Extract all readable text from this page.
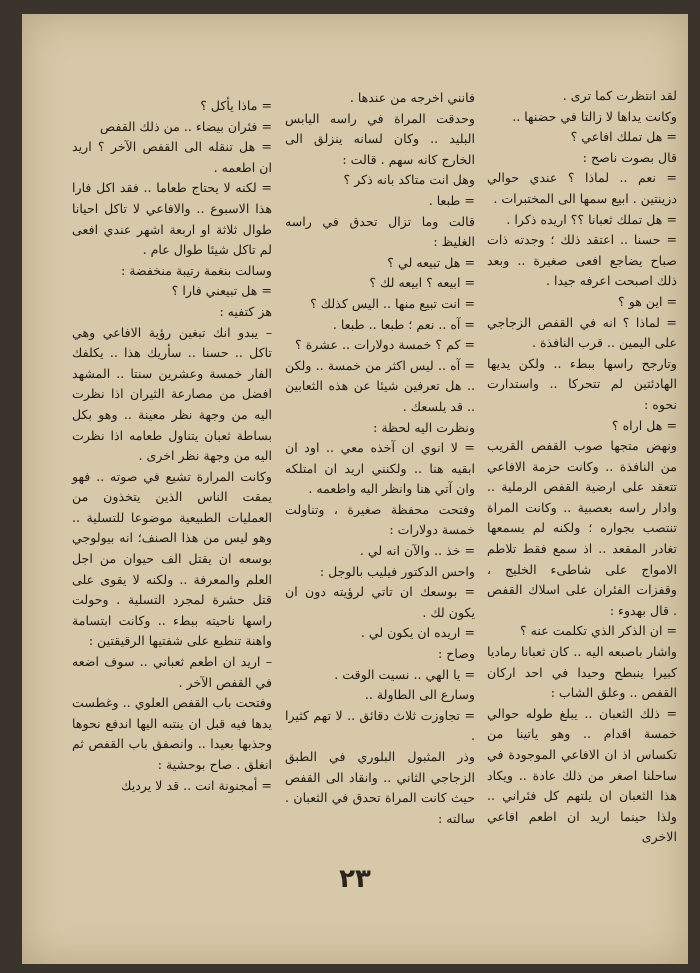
لقد انتظرت كما ترى .

وكانت يداها لا زالتا في حضنها ..

= هل تملك افاعي ؟

قال بصوت ناصح :

= نعم .. لماذا ؟ عندي حوالي دزينتين . ابيع سمها الى المختبرات .

= هل تملك ثعبانا ؟؟ اريده ذكرا .

= حسنا .. اعتقد ذلك ؛ وجدته ذات صباح يضاجع افعى صغيرة .. وبعد ذلك اصبحت اعرفه جيدا .

= اين هو ؟

= لماذا ؟ انه في القفص الزجاجي على اليمين .. قرب النافذة .

وتارجح راسها ببطء .. ولكن يديها الهادئتين لم تتحركا .. واستدارت نحوه :

= هل اراه ؟

ونهض متجها صوب القفص القريب من النافذة .. وكانت حزمة الافاعي تتعقد على ارضية القفص الرملية .. وادار راسه بعصبية .. وكانت المراة تنتصب بجواره ؛ ولكنه لم يسمعها تغادر المقعد .. اذ سمع فقط تلاطم الامواج على شاطىء الخليج ، وقفزات الفئران على اسلاك القفص . قال بهدوء :

= ان الذكر الذي تكلمت عنه ؟

واشار باصبعه اليه .. كان ثعبانا رماديا كبيرا ينبطح وحيدا في احد اركان القفص .. وعلق الشاب :

= ذلك الثعبان .. يبلغ طوله حوالي خمسة اقدام .. وهو ياتينا من تكساس اذ ان الافاعي الموجودة في ساحلنا اصغر من ذلك عادة .. ويكاد هذا الثعبان ان يلتهم كل فئراني .. ولذا حينما اريد ان اطعم افاعي الاخرى

فانني اخرجه من عندها .

وحدقت المراة في راسه اليابس البليد .. وكان لسانه ينزلق الى الخارج كانه سهم . قالت :

وهل انت متاكد بانه ذكر ؟

= طبعا .

قالت وما تزال تحدق في راسه الغليظ :

= هل تبيعه لي ؟

= ابيعه ؟ ابيعه لك ؟

= انت تبيع منها .. اليس كذلك ؟

= آه .. نعم ؛ طبعا .. طبعا .

= كم ؟ خمسة دولارات .. عشرة ؟

= آه .. ليس اكثر من خمسة .. ولكن .. هل تعرفين شيئا عن هذه الثعابين .. قد يلسعك .

ونظرت اليه لحظة :

= لا انوي ان آخذه معي .. اود ان ابقيه هنا .. ولكنني اريد ان امتلكه وان آتي هنا وانظر اليه واطعمه .

وفتحت محفظة صغيرة ، وتناولت خمسة دولارات :

= خذ .. والآن انه لي .

واحس الدكتور فيليب بالوجل :

= بوسعك ان تاتي لرؤيته دون ان يكون لك .

= اريده ان يكون لي .

وصاح :

= يا الهي .. نسيت الوقت .

وسارع الى الطاولة ..

= تجاوزت ثلاث دقائق .. لا تهم كثيرا .

وذر المثبول البلوري في الطبق الزجاجي الثاني .. وانقاد الى القفص حيث كانت المراة تحدق في الثعبان . سالته :

= ماذا يأكل ؟

= فئران بيضاء .. من ذلك القفص

= هل تنقله الى القفص الآخر ؟ اريد ان اطعمه .

= لكنه لا يحتاج طعاما .. فقد اكل فارا هذا الاسبوع .. والافاعي لا تاكل احيانا طوال ثلاثة او اربعة اشهر عندي افعى لم تاكل شيئا طوال عام .

وسالت بنغمة رتيبة منخفضة :

= هل تبيعني فارا ؟

هز كتفيه :

– يبدو انك تبغين رؤية الافاعي وهي تاكل .. حسنا .. سأريك هذا .. يكلفك الفار خمسة وعشرين سنتا .. المشهد افضل من مصارعة الثيران اذا نظرت اليه من وجهة نظر معينة .. وهو بكل بساطة ثعبان يتناول طعامه اذا نظرت اليه من وجهة نظر اخرى .

وكانت المرارة تشيع في صوته .. فهو يمقت الناس الذين يتخذون من العمليات الطبيعية موضوعا للتسلية .. وهو ليس من هذا الصنف؛ انه بيولوجي بوسعه ان يقتل الف حيوان من اجل العلم والمعرفة .. ولكنه لا يقوى على قتل حشرة لمجرد التسلية . وحولت راسها ناحيته ببطء .. وكانت ابتسامة واهنة تنطبع على شفتيها الرقيقتين :

– اريد ان اطعم ثعباني .. سوف اضعه في القفص الآخر .

وفتحت باب القفص العلوي .. وغطست يدها فيه قبل ان ينتبه اليها اندفع نحوها وجذبها بعيدا .. وانصفق باب القفص ثم انغلق . صاح بوحشية :

= أمجنونة انت .. قد لا يرديك

٢٣
